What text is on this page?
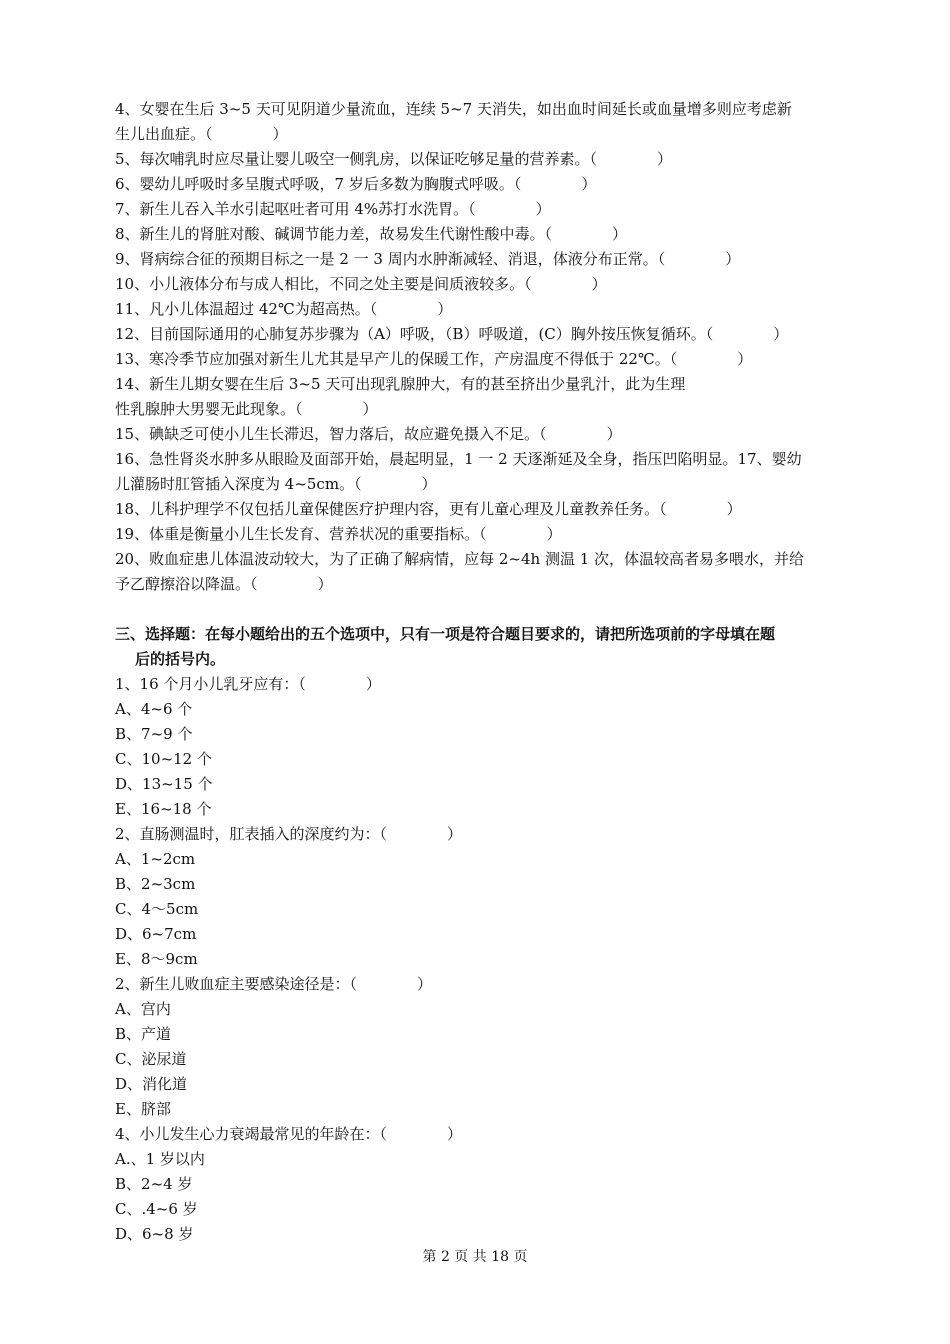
4、女婴在生后 3~5 天可见阴道少量流血，连续 5~7 天消失，如出血时间延长或血量增多则应考虑新
生儿出血症。（　　　　）
5、每次哺乳时应尽量让婴儿吸空一侧乳房，以保证吃够足量的营养素。（　　　　）
6、婴幼儿呼吸时多呈腹式呼吸，7 岁后多数为胸腹式呼吸。（　　　　）
7、新生儿吞入羊水引起呕吐者可用 4%苏打水洗胃。（　　　　）
8、新生儿的肾脏对酸、碱调节能力差，故易发生代谢性酸中毒。（　　　　）
9、肾病综合征的预期目标之一是 2 一 3 周内水肿渐减轻、消退，体液分布正常。（　　　　）
10、小儿液体分布与成人相比，不同之处主要是间质液较多。（　　　　）
11、凡小儿体温超过 42℃为超高热。（　　　　）
12、目前国际通用的心肺复苏步骤为（A）呼吸，（B）呼吸道，(C）胸外按压恢复循环。（　　　　）
13、寒冷季节应加强对新生儿尤其是早产儿的保暖工作，产房温度不得低于 22℃。（　　　　）
14、新生儿期女婴在生后 3~5 天可出现乳腺肿大，有的甚至挤出少量乳汁，此为生理
性乳腺肿大男婴无此现象。（　　　　）
15、碘缺乏可使小儿生长滞迟，智力落后，故应避免摄入不足。（　　　　）
16、急性肾炎水肿多从眼睑及面部开始，晨起明显，1 一 2 天逐渐延及全身，指压凹陷明显。17、婴幼
儿灌肠时肛管插入深度为 4~5cm。（　　　　）
18、儿科护理学不仅包括儿童保健医疗护理内容，更有儿童心理及儿童教养任务。（　　　　）
19、体重是衡量小儿生长发育、营养状况的重要指标。（　　　　）
20、败血症患儿体温波动较大，为了正确了解病情，应每 2~4h 测温 1 次，体温较高者易多喂水，并给
予乙醇擦浴以降温。（　　　　）
三、选择题：在每小题给出的五个选项中，只有一项是符合题目要求的，请把所选项前的字母填在题
后的括号内。
1、16 个月小儿乳牙应有：（　　　　）
A、4~6 个
B、7~9 个
C、10~12 个
D、13~15 个
E、16~18 个
2、直肠测温时，肛表插入的深度约为：（　　　　）
A、1~2cm
B、2~3cm
C、4～5cm
D、6~7cm
E、8～9cm
2、新生儿败血症主要感染途径是：（　　　　）
A、宫内
B、产道
C、泌尿道
D、消化道
E、脐部
4、小儿发生心力衰竭最常见的年龄在：（　　　　）
A.、1 岁以内
B、2~4 岁
C、.4~6 岁
D、6~8 岁
第 2 页 共 18 页
